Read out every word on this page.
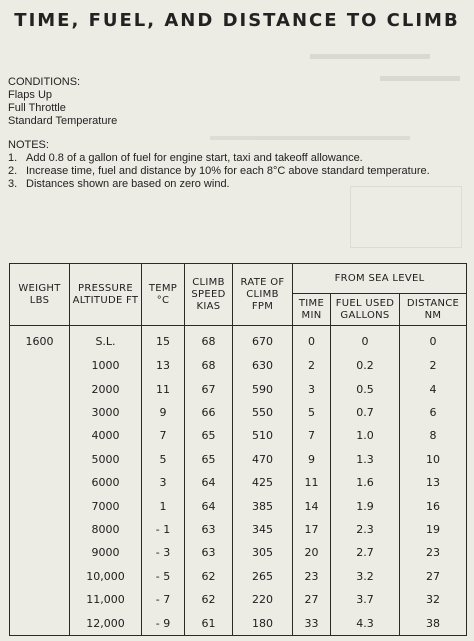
TIME, FUEL, AND DISTANCE TO CLIMB
CONDITIONS:
Flaps Up
Full Throttle
Standard Temperature
NOTES:
1. Add 0.8 of a gallon of fuel for engine start, taxi and takeoff allowance.
2. Increase time, fuel and distance by 10% for each 8°C above standard temperature.
3. Distances shown are based on zero wind.
WEIGHT LBS	PRESSURE ALTITUDE FT	TEMP °C	CLIMB SPEED KIAS	RATE OF CLIMB FPM	FROM SEA LEVEL		
					TIME MIN	FUEL USED GALLONS	DISTANCE NM
1600	S.L.	15	68	670	0	0	0
	1000	13	68	630	2	0.2	2
	2000	11	67	590	3	0.5	4
	3000	9	66	550	5	0.7	6
	4000	7	65	510	7	1.0	8
	5000	5	65	470	9	1.3	10
	6000	3	64	425	11	1.6	13
	7000	1	64	385	14	1.9	16
	8000	- 1	63	345	17	2.3	19
	9000	- 3	63	305	20	2.7	23
	10,000	- 5	62	265	23	3.2	27
	11,000	- 7	62	220	27	3.7	32
	12,000	- 9	61	180	33	4.3	38
